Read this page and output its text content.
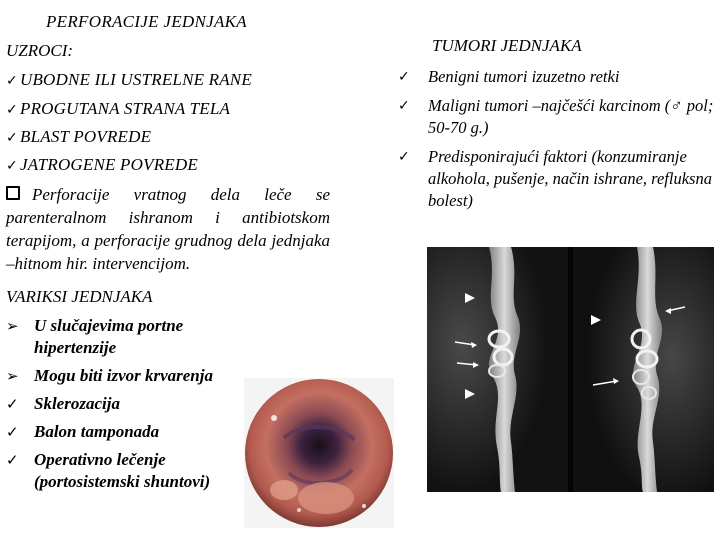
PERFORACIJE JEDNJAKA
UZROCI:
✓ UBODNE ILI USTRELNE RANE
✓ PROGUTANA STRANA TELA
✓ BLAST POVREDE
✓ JATROGENE POVREDE
Perforacije vratnog dela leče se parenteralnom ishranom i antibiotskom terapijom, a perforacije grudnog dela jednjaka –hitnom hir. intervencijom.
VARIKSI JEDNJAKA
➢ U slučajevima portne hipertenzije
➢ Mogu biti izvor krvarenja
✓ Sklerozacija
✓ Balon tamponada
✓ Operativno lečenje (portosistemski shuntovi)
TUMORI JEDNJAKA
✓ Benigni tumori izuzetno retki
✓ Maligni tumori –najčešći karcinom (♂ pol; 50-70 g.)
✓ Predisponirajući faktori (konzumiranje alkohola, pušenje, način ishrane, refluksna bolest)
